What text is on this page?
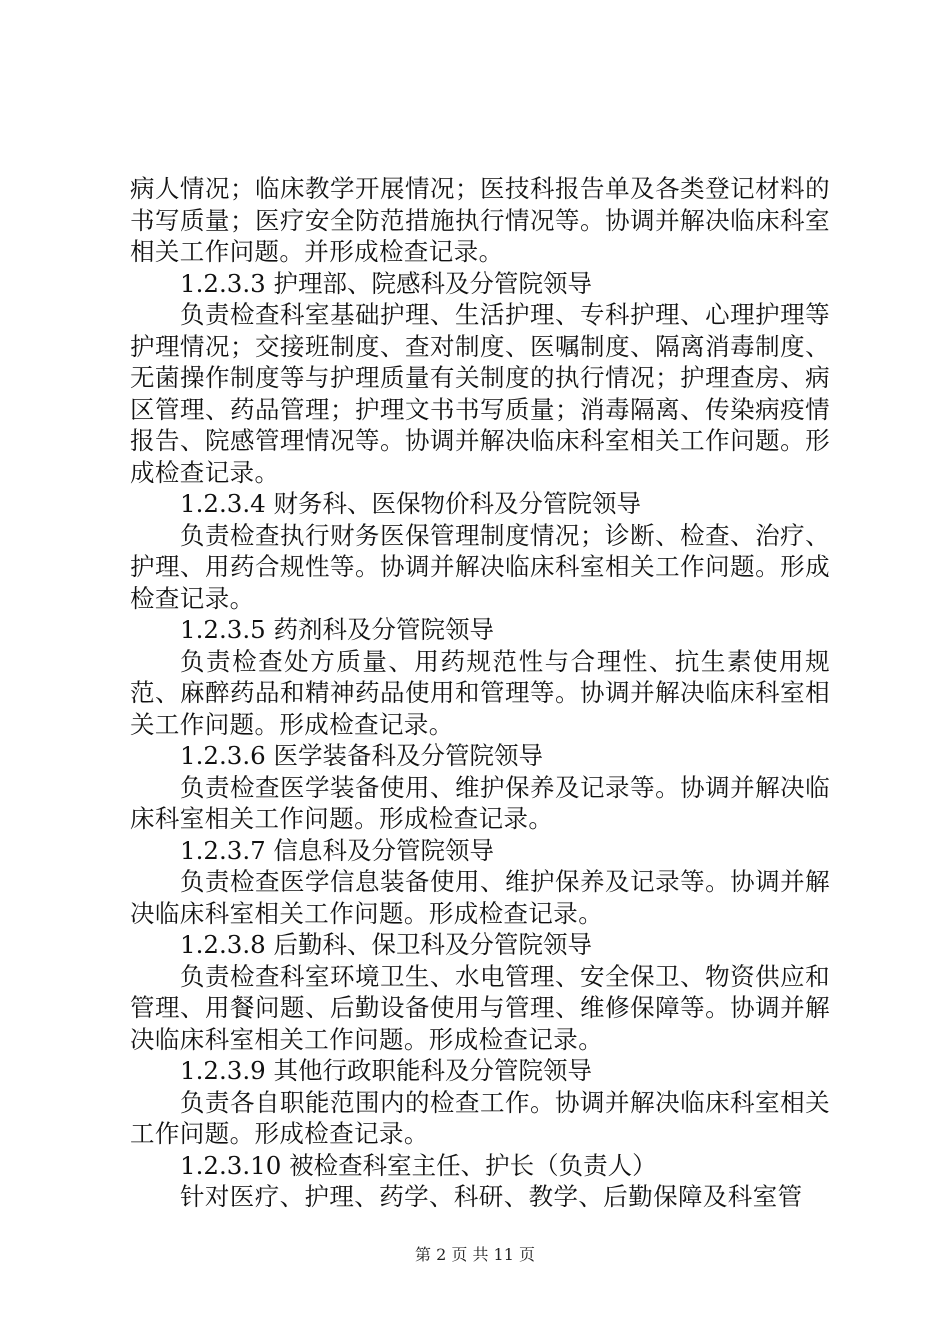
病人情况；临床教学开展情况；医技科报告单及各类登记材料的书写质量；医疗安全防范措施执行情况等。协调并解决临床科室相关工作问题。并形成检查记录。

1.2.3.3 护理部、院感科及分管院领导

负责检查科室基础护理、生活护理、专科护理、心理护理等护理情况；交接班制度、查对制度、医嘱制度、隔离消毒制度、无菌操作制度等与护理质量有关制度的执行情况；护理查房、病区管理、药品管理；护理文书书写质量；消毒隔离、传染病疫情报告、院感管理情况等。协调并解决临床科室相关工作问题。形成检查记录。

1.2.3.4 财务科、医保物价科及分管院领导

负责检查执行财务医保管理制度情况；诊断、检查、治疗、护理、用药合规性等。协调并解决临床科室相关工作问题。形成检查记录。

1.2.3.5 药剂科及分管院领导

负责检查处方质量、用药规范性与合理性、抗生素使用规范、麻醉药品和精神药品使用和管理等。协调并解决临床科室相关工作问题。形成检查记录。

1.2.3.6 医学装备科及分管院领导

负责检查医学装备使用、维护保养及记录等。协调并解决临床科室相关工作问题。形成检查记录。

1.2.3.7 信息科及分管院领导

负责检查医学信息装备使用、维护保养及记录等。协调并解决临床科室相关工作问题。形成检查记录。

1.2.3.8 后勤科、保卫科及分管院领导

负责检查科室环境卫生、水电管理、安全保卫、物资供应和管理、用餐问题、后勤设备使用与管理、维修保障等。协调并解决临床科室相关工作问题。形成检查记录。

1.2.3.9 其他行政职能科及分管院领导

负责各自职能范围内的检查工作。协调并解决临床科室相关工作问题。形成检查记录。

1.2.3.10 被检查科室主任、护长（负责人）

针对医疗、护理、药学、科研、教学、后勤保障及科室管

第 2 页 共 11 页
